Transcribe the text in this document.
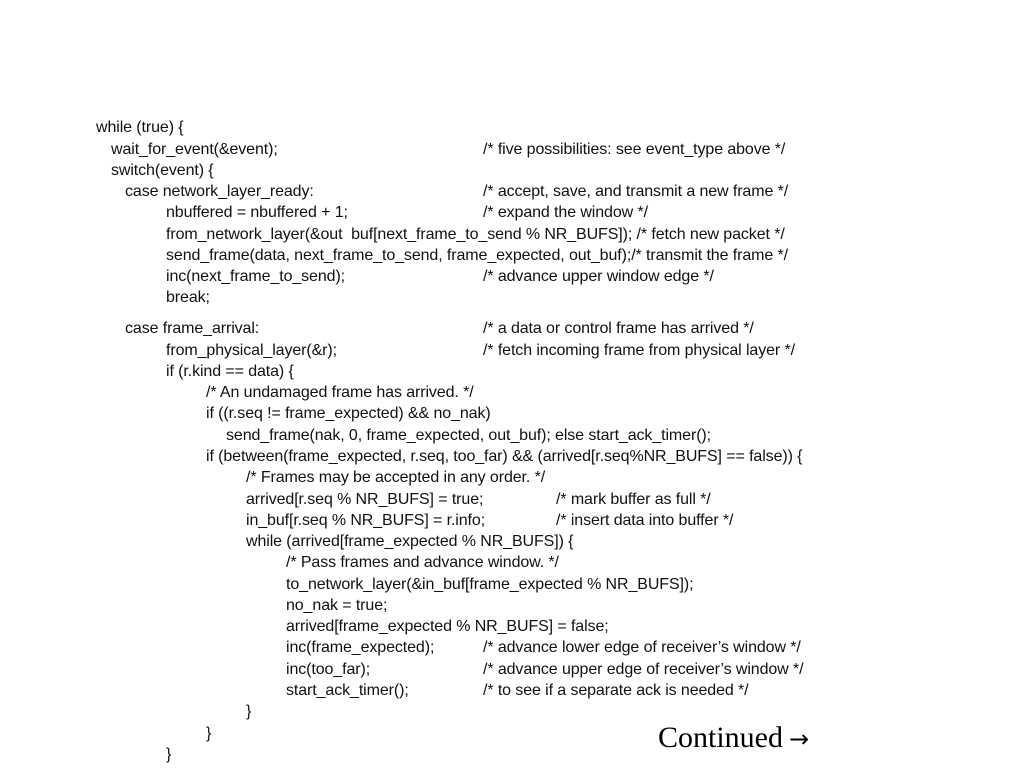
while (true) {
wait_for_event(&event);	/* five possibilities: see event_type above */
switch(event) {
case network_layer_ready:	/* accept, save, and transmit a new frame */
nbuffered = nbuffered + 1;	/* expand the window */
from_network_layer(&out  buf[next_frame_to_send % NR_BUFS]); /* fetch new packet */
send_frame(data, next_frame_to_send, frame_expected, out_buf);/* transmit the frame */
inc(next_frame_to_send);	/* advance upper window edge */
break;
case frame_arrival:	/* a data or control frame has arrived */
from_physical_layer(&r);	/* fetch incoming frame from physical layer */
if (r.kind == data) {
/* An undamaged frame has arrived. */
if ((r.seq != frame_expected) && no_nak)
send_frame(nak, 0, frame_expected, out_buf); else start_ack_timer();
if (between(frame_expected, r.seq, too_far) && (arrived[r.seq%NR_BUFS] == false)) {
/* Frames may be accepted in any order. */
arrived[r.seq % NR_BUFS] = true;	/* mark buffer as full */
in_buf[r.seq % NR_BUFS] = r.info;	/* insert data into buffer */
while (arrived[frame_expected % NR_BUFS]) {
/* Pass frames and advance window. */
to_network_layer(&in_buf[frame_expected % NR_BUFS]);
no_nak = true;
arrived[frame_expected % NR_BUFS] = false;
inc(frame_expected);	/* advance lower edge of receiver’s window */
inc(too_far);	/* advance upper edge of receiver’s window */
start_ack_timer();	/* to see if a separate ack is needed */
}
}
}
Continued →
